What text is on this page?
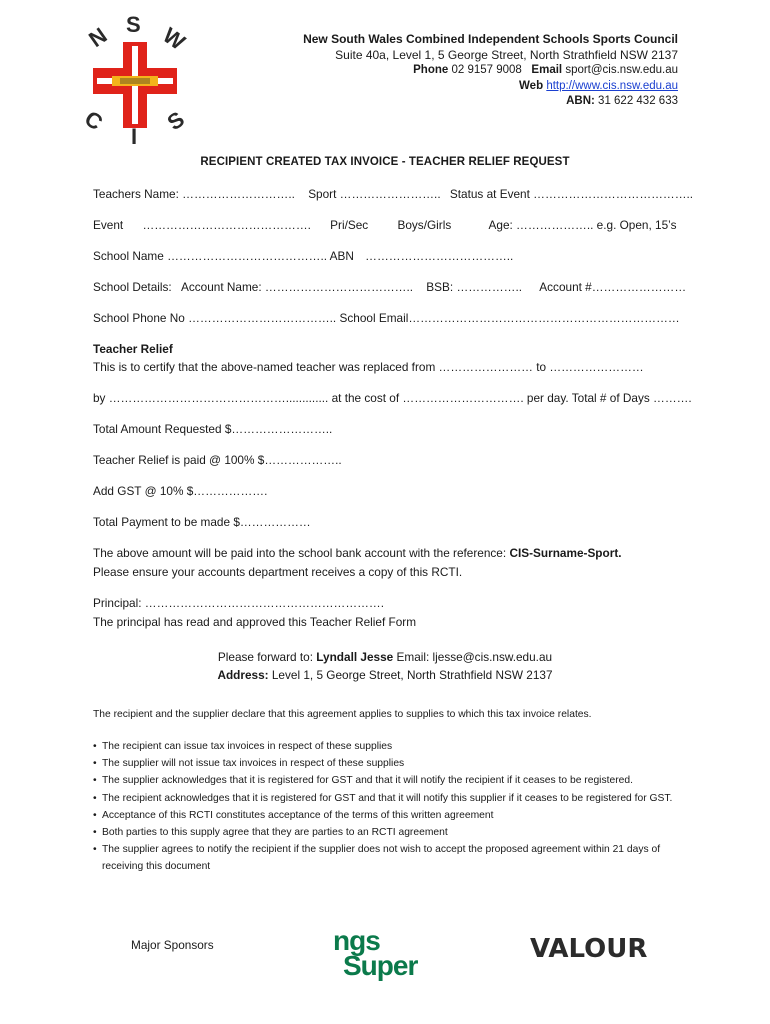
N S W
C
I
S
New South Wales Combined Independent Schools Sports Council
Suite 40a, Level 1, 5 George Street, North Strathfield NSW 2137
Phone 02 9157 9008 Email sport@cis.nsw.edu.au
Web http://www.cis.nsw.edu.au
ABN: 31 622 432 633
RECIPIENT CREATED TAX INVOICE - TEACHER RELIEF REQUEST
Teachers Name: ……………………….. Sport …………………….. Status at Event …………………………………..
Event ……………………………………. Pri/Sec Boys/Girls	Age: ……………….. e.g. Open, 15’s
School Name ………………………………….. ABN ………………………………..
School Details: Account Name: ……………………………….. BSB: …………….. Account #……………………
School Phone No ……………………………….. School Email……………………………………………………………
Teacher Relief
This is to certify that the above-named teacher was replaced from …………………… to ……………………
by ………………………………………............. at the cost of …………………………. per day. Total # of Days ……….
Total Amount Requested $……………………..
Teacher Relief is paid @ 100% $………………..
Add GST @ 10% $……………….
Total Payment to be made $………………
The above amount will be paid into the school bank account with the reference: CIS-Surname-Sport.
Please ensure your accounts department receives a copy of this RCTI.
Principal: …………………………………………………….
The principal has read and approved this Teacher Relief Form
Please forward to: Lyndall Jesse Email: ljesse@cis.nsw.edu.au
Address: Level 1, 5 George Street, North Strathfield NSW 2137
The recipient and the supplier declare that this agreement applies to supplies to which this tax invoice relates.
• The recipient can issue tax invoices in respect of these supplies
• The supplier will not issue tax invoices in respect of these supplies
• The supplier acknowledges that it is registered for GST and that it will notify the recipient if it ceases to be registered.
• The recipient acknowledges that it is registered for GST and that it will notify this supplier if it ceases to be registered for GST.
• Acceptance of this RCTI constitutes acceptance of the terms of this written agreement
• Both parties to this supply agree that they are parties to an RCTI agreement
• The supplier agrees to notify the recipient if the supplier does not wish to accept the proposed agreement within 21 days of receiving this document
Major Sponsors	ngs
Super
VALOUR
